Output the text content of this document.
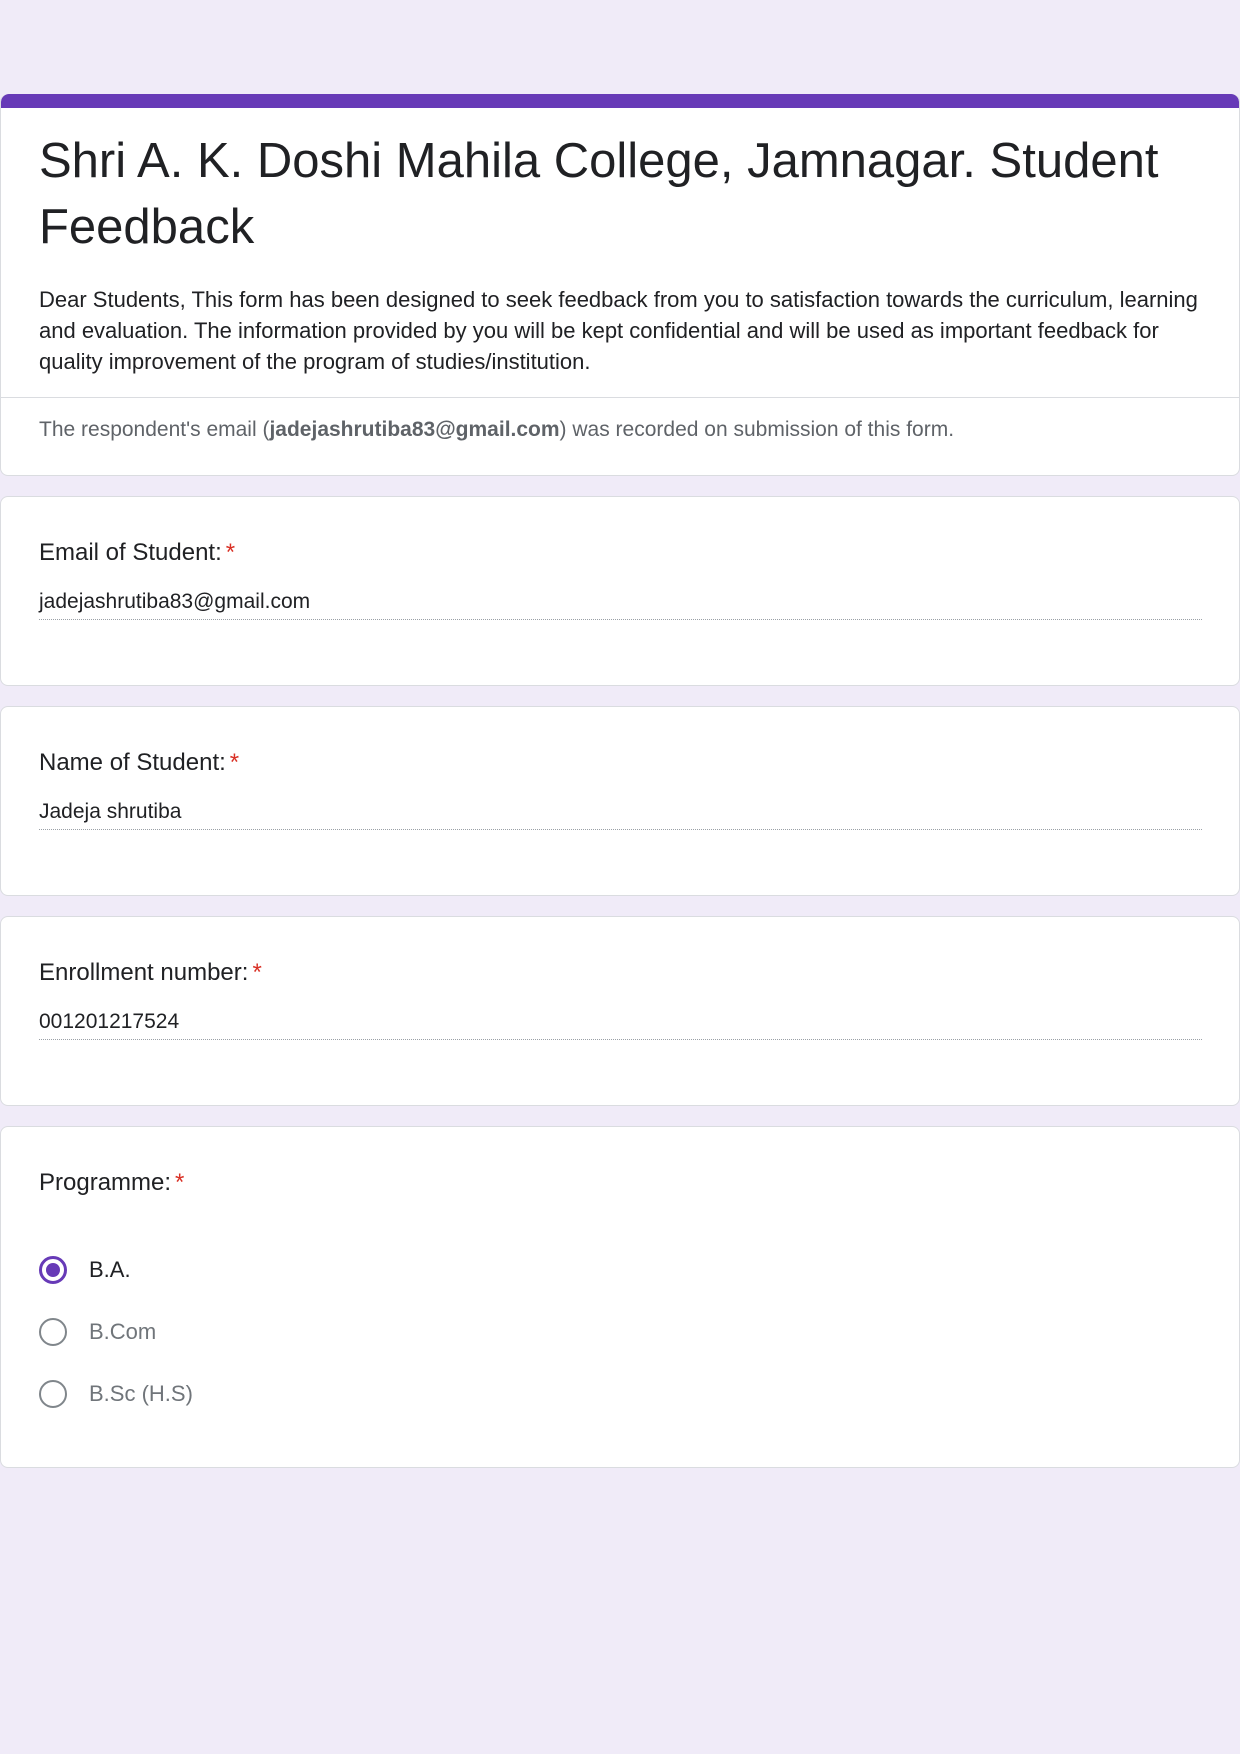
Shri A. K. Doshi Mahila College, Jamnagar. Student Feedback

Dear Students, This form has been designed to seek feedback from you to satisfaction towards the curriculum, learning and evaluation. The information provided by you will be kept confidential and will be used as important feedback for quality improvement of the program of studies/institution.

The respondent's email (jadejashrutiba83@gmail.com) was recorded on submission of this form.
Email of Student: *
jadejashrutiba83@gmail.com
Name of Student: *
Jadeja shrutiba
Enrollment number: *
001201217524
Programme: *
B.A.
B.Com
B.Sc (H.S)
